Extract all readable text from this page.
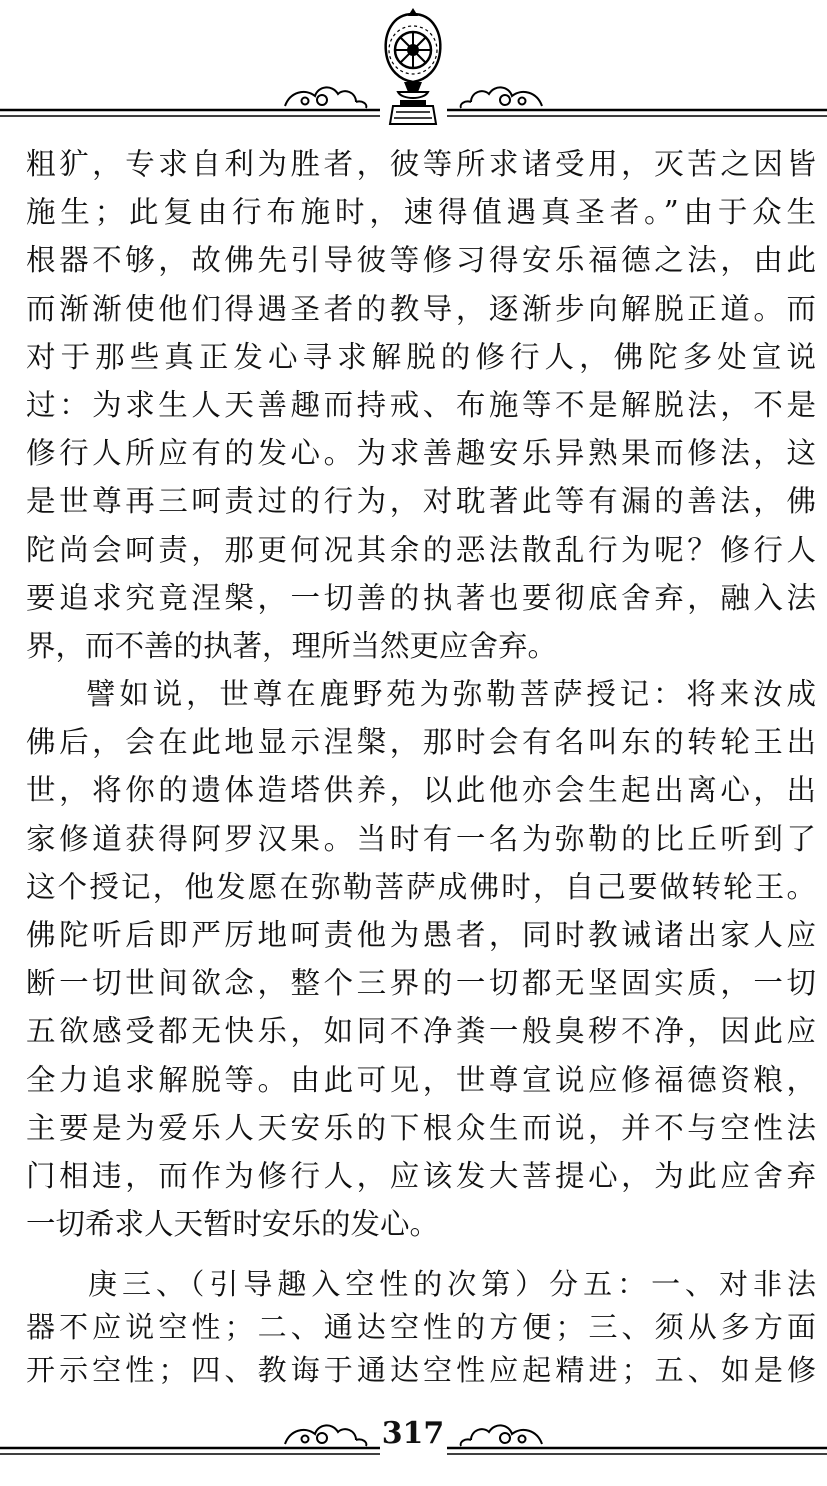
粗犷，专求自利为胜者，彼等所求诸受用，灭苦之因皆
施生；此复由行布施时，速得值遇真圣者。”由于众生
根器不够，故佛先引导彼等修习得安乐福德之法，由此
而渐渐使他们得遇圣者的教导，逐渐步向解脱正道。而
对于那些真正发心寻求解脱的修行人，佛陀多处宣说
过：为求生人天善趣而持戒、布施等不是解脱法，不是
修行人所应有的发心。为求善趣安乐异熟果而修法，这
是世尊再三呵责过的行为，对耽著此等有漏的善法，佛
陀尚会呵责，那更何况其余的恶法散乱行为呢？修行人
要追求究竟涅槃，一切善的执著也要彻底舍弃，融入法
界，而不善的执著，理所当然更应舍弃。
譬如说，世尊在鹿野苑为弥勒菩萨授记：将来汝成
佛后，会在此地显示涅槃，那时会有名叫东的转轮王出
世，将你的遗体造塔供养，以此他亦会生起出离心，出
家修道获得阿罗汉果。当时有一名为弥勒的比丘听到了
这个授记，他发愿在弥勒菩萨成佛时，自己要做转轮王。
佛陀听后即严厉地呵责他为愚者，同时教诫诸出家人应
断一切世间欲念，整个三界的一切都无坚固实质，一切
五欲感受都无快乐，如同不净粪一般臭秽不净，因此应
全力追求解脱等。由此可见，世尊宣说应修福德资粮，
主要是为爱乐人天安乐的下根众生而说，并不与空性法
门相违，而作为修行人，应该发大菩提心，为此应舍弃
一切希求人天暂时安乐的发心。
庚三、（引导趣入空性的次第）分五：一、对非法
器不应说空性；二、通达空性的方便；三、须从多方面
开示空性；四、教诲于通达空性应起精进；五、如是修
317
